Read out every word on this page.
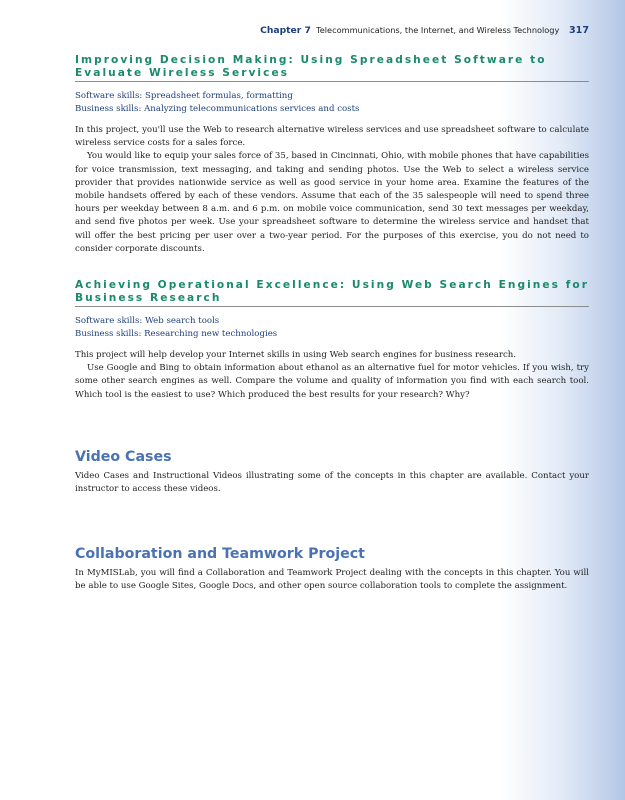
Chapter 7 Telecommunications, the Internet, and Wireless Technology 317
Improving Decision Making: Using Spreadsheet Software to Evaluate Wireless Services
Software skills: Spreadsheet formulas, formatting
Business skills: Analyzing telecommunications services and costs

In this project, you'll use the Web to research alternative wireless services and use spreadsheet software to calculate wireless service costs for a sales force.

You would like to equip your sales force of 35, based in Cincinnati, Ohio, with mobile phones that have capabilities for voice transmission, text messaging, and taking and sending photos. Use the Web to select a wireless service provider that provides nationwide service as well as good service in your home area. Examine the features of the mobile handsets offered by each of these vendors. Assume that each of the 35 salespeople will need to spend three hours per weekday between 8 a.m. and 6 p.m. on mobile voice communication, send 30 text messages per weekday, and send five photos per week. Use your spreadsheet software to determine the wireless service and handset that will offer the best pricing per user over a two-year period. For the purposes of this exercise, you do not need to consider corporate discounts.

Achieving Operational Excellence: Using Web Search Engines for Business Research
Software skills: Web search tools
Business skills: Researching new technologies

This project will help develop your Internet skills in using Web search engines for business research.

Use Google and Bing to obtain information about ethanol as an alternative fuel for motor vehicles. If you wish, try some other search engines as well. Compare the volume and quality of information you find with each search tool. Which tool is the easiest to use? Which produced the best results for your research? Why?

Video Cases

Video Cases and Instructional Videos illustrating some of the concepts in this chapter are available. Contact your instructor to access these videos.

Collaboration and Teamwork Project

In MyMISLab, you will find a Collaboration and Teamwork Project dealing with the concepts in this chapter. You will be able to use Google Sites, Google Docs, and other open source collaboration tools to complete the assignment.
